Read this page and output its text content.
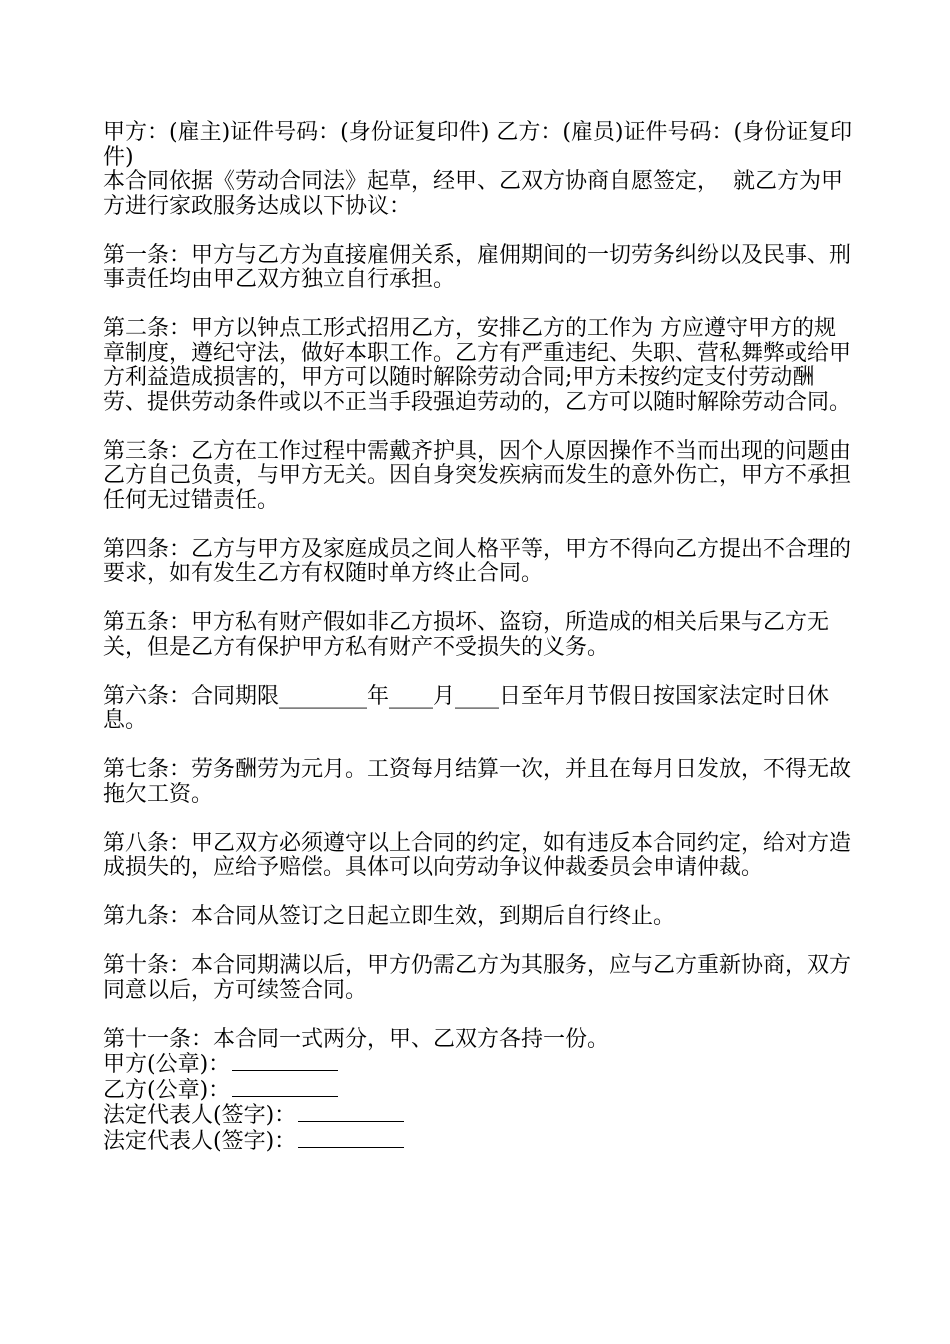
甲方：(雇主)证件号码：(身份证复印件) 乙方：(雇员)证件号码：(身份证复印件)

本合同依据《劳动合同法》起草，经甲、乙双方协商自愿签定，  就乙方为甲方进行家政服务达成以下协议：

第一条：甲方与乙方为直接雇佣关系，雇佣期间的一切劳务纠纷以及民事、刑事责任均由甲乙双方独立自行承担。

第二条：甲方以钟点工形式招用乙方，安排乙方的工作为 方应遵守甲方的规章制度，遵纪守法，做好本职工作。乙方有严重违纪、失职、营私舞弊或给甲方利益造成损害的，甲方可以随时解除劳动合同;甲方未按约定支付劳动酬劳、提供劳动条件或以不正当手段强迫劳动的，乙方可以随时解除劳动合同。

第三条：乙方在工作过程中需戴齐护具，因个人原因操作不当而出现的问题由乙方自己负责，与甲方无关。因自身突发疾病而发生的意外伤亡，甲方不承担任何无过错责任。

第四条：乙方与甲方及家庭成员之间人格平等，甲方不得向乙方提出不合理的要求，如有发生乙方有权随时单方终止合同。

第五条：甲方私有财产假如非乙方损坏、盗窃，所造成的相关后果与乙方无关，但是乙方有保护甲方私有财产不受损失的义务。

第六条：合同期限________年____月____日至年月节假日按国家法定时日休息。

第七条：劳务酬劳为元月。工资每月结算一次，并且在每月日发放，不得无故拖欠工资。

第八条：甲乙双方必须遵守以上合同的约定，如有违反本合同约定，给对方造成损失的，应给予赔偿。具体可以向劳动争议仲裁委员会申请仲裁。

第九条：本合同从签订之日起立即生效，到期后自行终止。

第十条：本合同期满以后，甲方仍需乙方为其服务，应与乙方重新协商，双方同意以后，方可续签合同。

第十一条：本合同一式两分，甲、乙双方各持一份。

甲方(公章)：
乙方(公章)：
法定代表人(签字)：
法定代表人(签字)：
